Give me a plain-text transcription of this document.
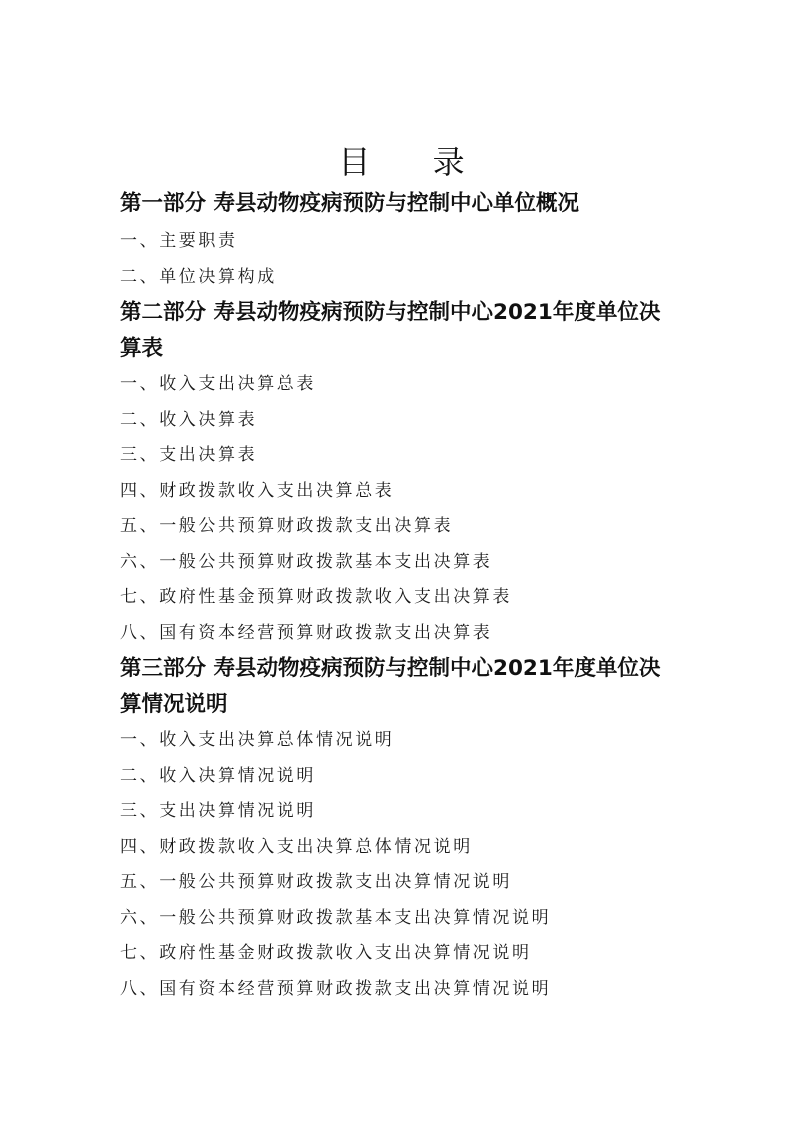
目 录

第一部分 寿县动物疫病预防与控制中心单位概况

一、主要职责

二、单位决算构成

第二部分 寿县动物疫病预防与控制中心2021年度单位决算表

一、收入支出决算总表

二、收入决算表

三、支出决算表

四、财政拨款收入支出决算总表

五、一般公共预算财政拨款支出决算表

六、一般公共预算财政拨款基本支出决算表

七、政府性基金预算财政拨款收入支出决算表

八、国有资本经营预算财政拨款支出决算表

第三部分 寿县动物疫病预防与控制中心2021年度单位决算情况说明

一、收入支出决算总体情况说明

二、收入决算情况说明

三、支出决算情况说明

四、财政拨款收入支出决算总体情况说明

五、一般公共预算财政拨款支出决算情况说明

六、一般公共预算财政拨款基本支出决算情况说明

七、政府性基金财政拨款收入支出决算情况说明

八、国有资本经营预算财政拨款支出决算情况说明
